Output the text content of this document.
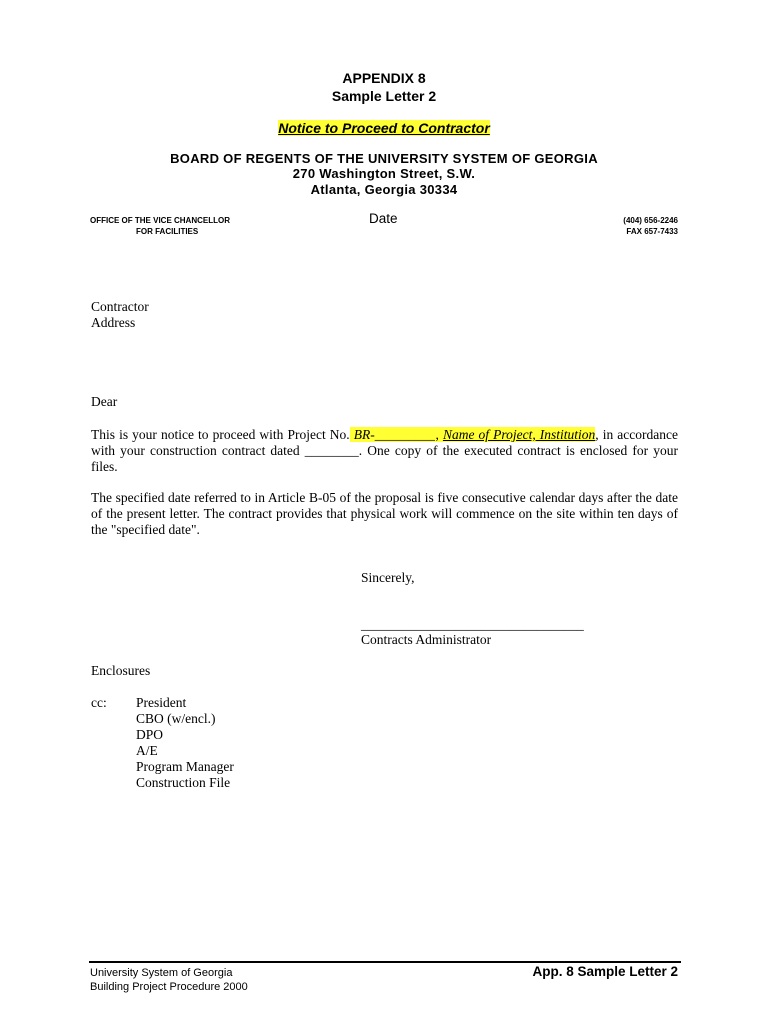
APPENDIX 8
Sample Letter 2
Notice to Proceed to Contractor
BOARD OF REGENTS OF THE UNIVERSITY SYSTEM OF GEORGIA
270 Washington Street, S.W.
Atlanta, Georgia 30334
OFFICE OF THE VICE CHANCELLOR
FOR FACILITIES
Date	(404) 656-2246
FAX 657-7433
Contractor
Address
Dear
This is your notice to proceed with Project No. BR-_________, Name of Project, Institution, in accordance with your construction contract dated ________. One copy of the executed contract is enclosed for your files.
The specified date referred to in Article B-05 of the proposal is five consecutive calendar days after the date of the present letter. The contract provides that physical work will commence on the site within ten days of the "specified date".
Sincerely,
_________________________________
Contracts Administrator
Enclosures
cc: President
CBO (w/encl.)
DPO
A/E
Program Manager
Construction File
University System of Georgia
Building Project Procedure 2000
App. 8 Sample Letter 2
